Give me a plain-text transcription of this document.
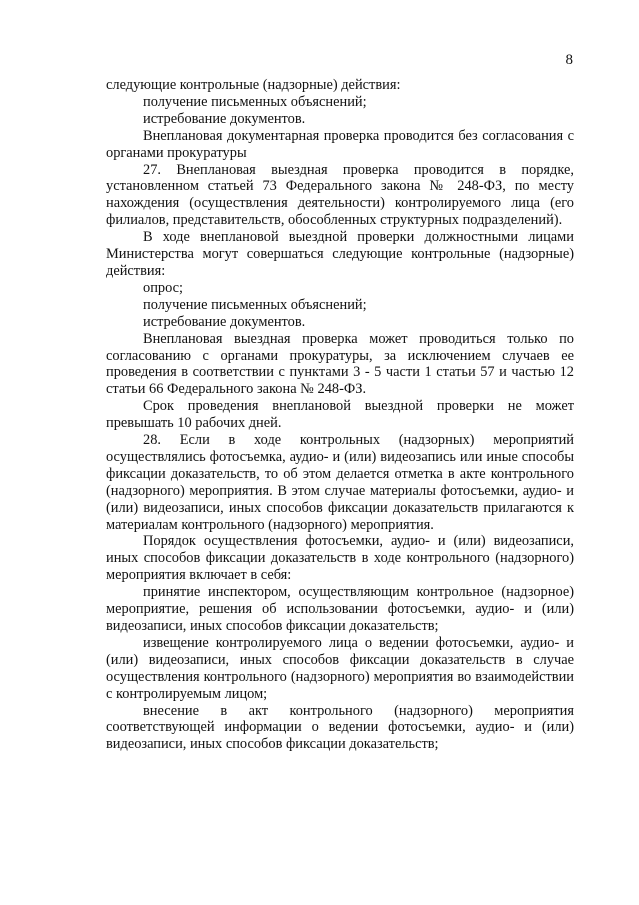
8

следующие контрольные (надзорные) действия:

получение письменных объяснений;

истребование документов.

Внеплановая документарная проверка проводится без согласования с органами прокуратуры

27. Внеплановая выездная проверка проводится в порядке, установленном статьей 73 Федерального закона № 248-ФЗ, по месту нахождения (осуществления деятельности) контролируемого лица (его филиалов, представительств, обособленных структурных подразделений).

В ходе внеплановой выездной проверки должностными лицами Министерства могут совершаться следующие контрольные (надзорные) действия:

опрос;

получение письменных объяснений;

истребование документов.

Внеплановая выездная проверка может проводиться только по согласованию с органами прокуратуры, за исключением случаев ее проведения в соответствии с пунктами 3 - 5 части 1 статьи 57 и частью 12 статьи 66 Федерального закона № 248-ФЗ.

Срок проведения внеплановой выездной проверки не может превышать 10 рабочих дней.

28. Если в ходе контрольных (надзорных) мероприятий осуществлялись фотосъемка, аудио- и (или) видеозапись или иные способы фиксации доказательств, то об этом делается отметка в акте контрольного (надзорного) мероприятия. В этом случае материалы фотосъемки, аудио- и (или) видеозаписи, иных способов фиксации доказательств прилагаются к материалам контрольного (надзорного) мероприятия.

Порядок осуществления фотосъемки, аудио- и (или) видеозаписи, иных способов фиксации доказательств в ходе контрольного (надзорного) мероприятия включает в себя:

принятие инспектором, осуществляющим контрольное (надзорное) мероприятие, решения об использовании фотосъемки, аудио- и (или) видеозаписи, иных способов фиксации доказательств;

извещение контролируемого лица о ведении фотосъемки, аудио- и (или) видеозаписи, иных способов фиксации доказательств в случае осуществления контрольного (надзорного) мероприятия во взаимодействии с контролируемым лицом;

внесение в акт контрольного (надзорного) мероприятия соответствующей информации о ведении фотосъемки, аудио- и (или) видеозаписи, иных способов фиксации доказательств;
